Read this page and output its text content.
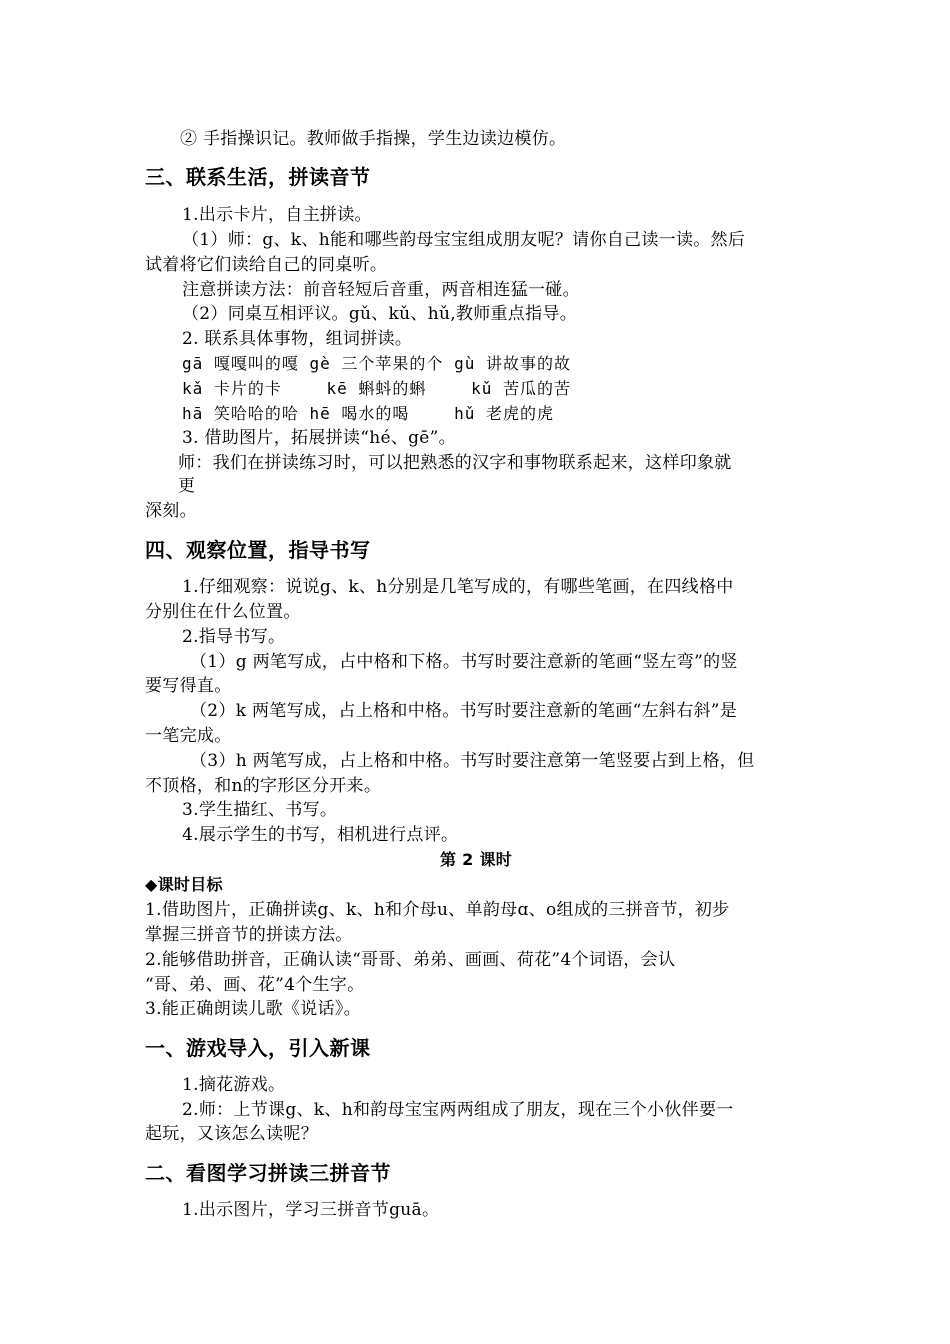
② 手指操识记。教师做手指操，学生边读边模仿。
三、联系生活，拼读音节
1.出示卡片，自主拼读。
（1）师：g、k、h能和哪些韵母宝宝组成朋友呢？请你自己读一读。然后
试着将它们读给自己的同桌听。
注意拼读方法：前音轻短后音重，两音相连猛一碰。
（2）同桌互相评议。gǔ、kǔ、hǔ,教师重点指导。
2. 联系具体事物，组词拼读。
gā 嘎嘎叫的嘎 gè 三个苹果的个 gù 讲故事的故
kǎ 卡片的卡　　 kē 蝌蚪的蝌　　 kǔ 苦瓜的苦
hā 笑哈哈的哈 hē 喝水的喝　　 hǔ 老虎的虎
3. 借助图片，拓展拼读“hé、gē”。
师：我们在拼读练习时，可以把熟悉的汉字和事物联系起来，这样印象就
更
深刻。
四、观察位置，指导书写
1.仔细观察：说说g、k、h分别是几笔写成的，有哪些笔画，在四线格中
分别住在什么位置。
2.指导书写。
（1）g 两笔写成，占中格和下格。书写时要注意新的笔画“竖左弯”的竖
要写得直。
（2）k 两笔写成，占上格和中格。书写时要注意新的笔画“左斜右斜”是
一笔完成。
（3）h 两笔写成，占上格和中格。书写时要注意第一笔竖要占到上格，但
不顶格，和n的字形区分开来。
3.学生描红、书写。
4.展示学生的书写，相机进行点评。
第 2 课时
◆课时目标
1.借助图片，正确拼读g、k、h和介母u、单韵母ɑ、o组成的三拼音节，初步
掌握三拼音节的拼读方法。
2.能够借助拼音，正确认读“哥哥、弟弟、画画、荷花”4个词语，会认
“哥、弟、画、花”4个生字。
3.能正确朗读儿歌《说话》。
一、游戏导入，引入新课
1.摘花游戏。
2.师：上节课g、k、h和韵母宝宝两两组成了朋友，现在三个小伙伴要一
起玩，又该怎么读呢？
二、看图学习拼读三拼音节
1.出示图片，学习三拼音节guā。
